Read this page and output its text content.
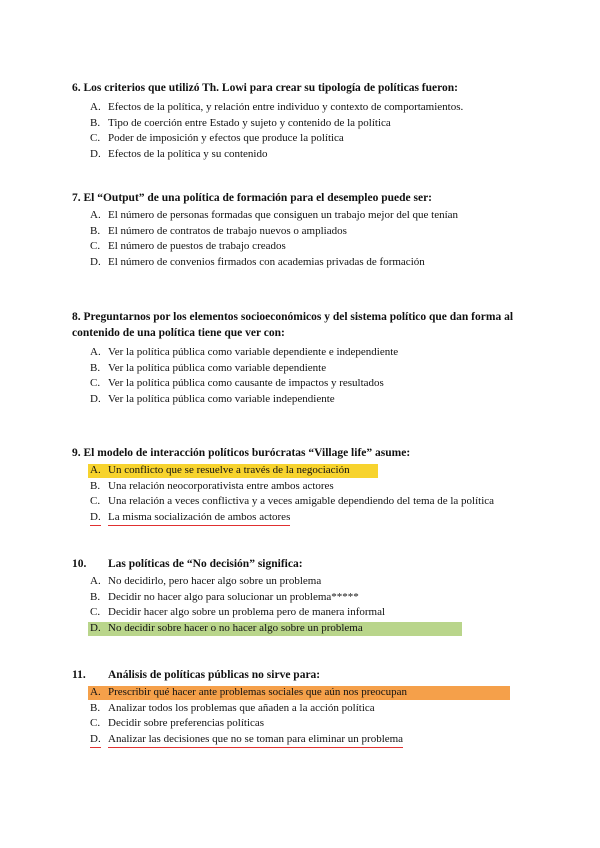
6. Los criterios que utilizó Th. Lowi para crear su tipología de políticas fueron:

A. Efectos de la política, y relación entre individuo y contexto de comportamientos.
B. Tipo de coerción entre Estado y sujeto y contenido de la política
C. Poder de imposición y efectos que produce la política
D. Efectos de la política y su contenido

7. El “Output” de una política de formación para el desempleo puede ser:

A. El número de personas formadas que consiguen un trabajo mejor del que tenían
B. El número de contratos de trabajo nuevos o ampliados
C. El número de puestos de trabajo creados
D. El número de convenios firmados con academias privadas de formación

8. Preguntarnos por los elementos socioeconómicos y del sistema político que dan forma al contenido de una política tiene que ver con:

A. Ver la política pública como variable dependiente e independiente
B. Ver la política pública como variable dependiente
C. Ver la política pública como causante de impactos y resultados
D. Ver la política pública como variable independiente

9. El modelo de interacción políticos burócratas “Village life” asume:

A. Un conflicto que se resuelve a través de la negociación
B. Una relación neocorporativista entre ambos actores
C. Una relación a veces conflictiva y a veces amigable dependiendo del tema de la política
D. La misma socialización de ambos actores

10.	Las políticas de “No decisión” significa:

A. No decidirlo, pero hacer algo sobre un problema
B. Decidir no hacer algo para solucionar un problema*****
C. Decidir hacer algo sobre un problema pero de manera informal
D. No decidir sobre hacer o no hacer algo sobre un problema

11.	Análisis de políticas públicas no sirve para:

A. Prescribir qué hacer ante problemas sociales que aún nos preocupan
B. Analizar todos los problemas que añaden a la acción política
C. Decidir sobre preferencias políticas
D. Analizar las decisiones que no se toman para eliminar un problema
